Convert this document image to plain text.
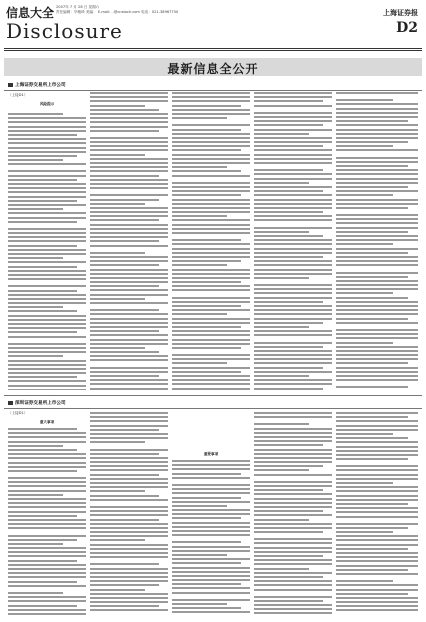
信息大全 2007年 7 月 28 日 星期六
责任编辑：毕雅琦 美编： E-mail: ..@cnstock.com 电话：021-38967750
Disclosure
上海证券报
D2
最新信息全公开
上海证券交易所上市公司
（上接D1）
风险提示
深圳证券交易所上市公司
（上接D1）
重大事项
重要事项
